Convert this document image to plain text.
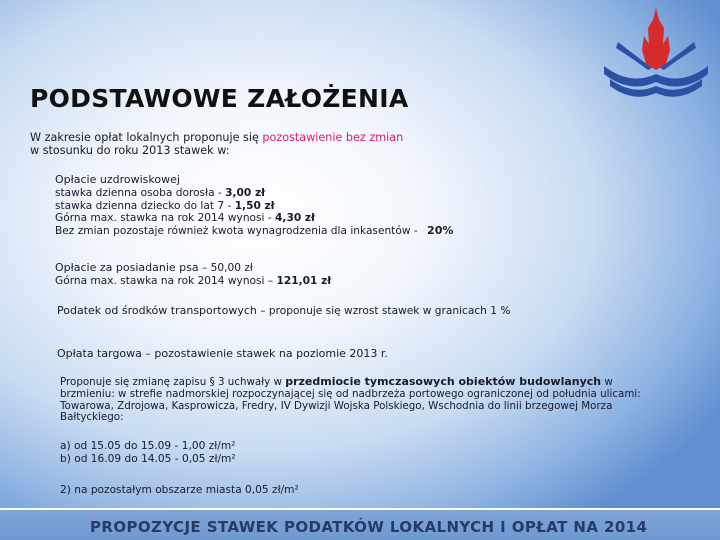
PODSTAWOWE ZAŁOŻENIA
W zakresie opłat lokalnych proponuje się pozostawienie bez zmian
w stosunku do roku 2013 stawek w:
Opłacie uzdrowiskowej
stawka dzienna osoba dorosła - 3,00 zł
stawka dzienna dziecko do lat 7 - 1,50 zł
Górna max. stawka na rok 2014 wynosi - 4,30 zł
Bez zmian pozostaje również kwota wynagrodzenia dla inkasentów - 20%
Opłacie za posiadanie psa – 50,00 zł
Górna max. stawka na rok 2014 wynosi – 121,01 zł
Podatek od środków transportowych – proponuje się wzrost stawek w granicach 1 %
Opłata targowa – pozostawienie stawek na poziomie 2013 r.
Proponuje się zmianę zapisu § 3 uchwały w przedmiocie tymczasowych obiektów budowlanych w
brzmieniu: w strefie nadmorskiej rozpoczynającej się od nadbrzeża portowego ograniczonej od południa ulicami:
Towarowa, Zdrojowa, Kasprowicza, Fredry, IV Dywizji Wojska Polskiego, Wschodnia do linii brzegowej Morza
Bałtyckiego:
a) od 15.05 do 15.09 - 1,00 zł/m²
b) od 16.09 do 14.05 - 0,05 zł/m²
2) na pozostałym obszarze miasta 0,05 zł/m²
PROPOZYCJE STAWEK PODATKÓW LOKALNYCH I OPŁAT NA 2014
